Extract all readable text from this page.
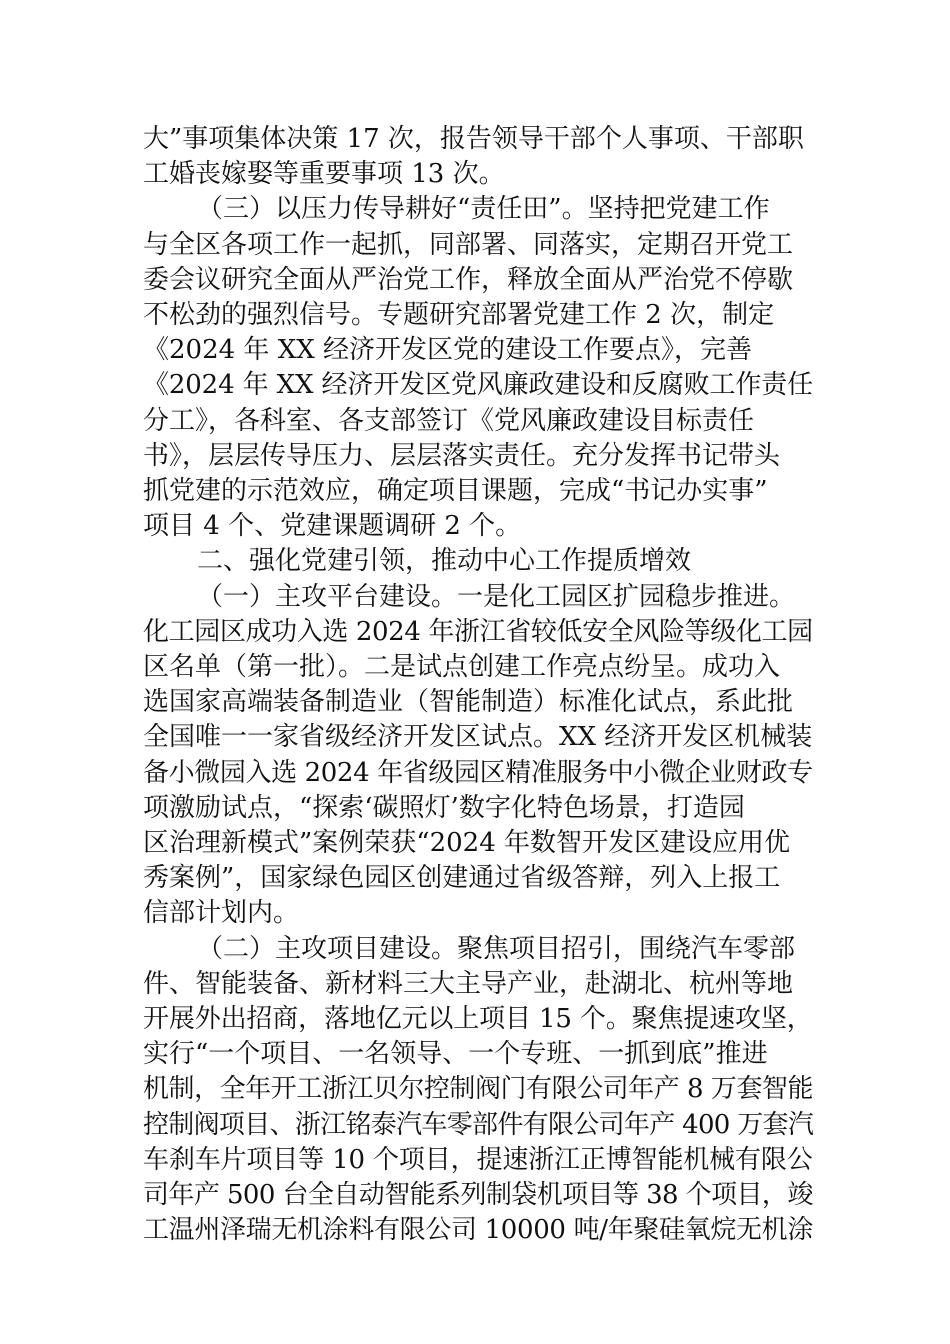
大”事项集体决策 17 次，报告领导干部个人事项、干部职
工婚丧嫁娶等重要事项 13 次。
（三）以压力传导耕好“责任田”。坚持把党建工作
与全区各项工作一起抓，同部署、同落实，定期召开党工
委会议研究全面从严治党工作，释放全面从严治党不停歇
不松劲的强烈信号。专题研究部署党建工作 2 次，制定
《2024 年 XX 经济开发区党的建设工作要点》，完善
《2024 年 XX 经济开发区党风廉政建设和反腐败工作责任
分工》，各科室、各支部签订《党风廉政建设目标责任
书》，层层传导压力、层层落实责任。充分发挥书记带头
抓党建的示范效应，确定项目课题，完成“书记办实事”
项目 4 个、党建课题调研 2 个。
二、强化党建引领，推动中心工作提质增效
（一）主攻平台建设。一是化工园区扩园稳步推进。
化工园区成功入选 2024 年浙江省较低安全风险等级化工园
区名单（第一批）。二是试点创建工作亮点纷呈。成功入
选国家高端装备制造业（智能制造）标准化试点，系此批
全国唯一一家省级经济开发区试点。XX 经济开发区机械装
备小微园入选 2024 年省级园区精准服务中小微企业财政专
项激励试点，“探索‘碳照灯’数字化特色场景，打造园
区治理新模式”案例荣获“2024 年数智开发区建设应用优
秀案例”，国家绿色园区创建通过省级答辩，列入上报工
信部计划内。
（二）主攻项目建设。聚焦项目招引，围绕汽车零部
件、智能装备、新材料三大主导产业，赴湖北、杭州等地
开展外出招商，落地亿元以上项目 15 个。聚焦提速攻坚，
实行“一个项目、一名领导、一个专班、一抓到底”推进
机制，全年开工浙江贝尔控制阀门有限公司年产 8 万套智能
控制阀项目、浙江铭泰汽车零部件有限公司年产 400 万套汽
车刹车片项目等 10 个项目，提速浙江正博智能机械有限公
司年产 500 台全自动智能系列制袋机项目等 38 个项目，竣
工温州泽瑞无机涂料有限公司 10000 吨/年聚硅氧烷无机涂
